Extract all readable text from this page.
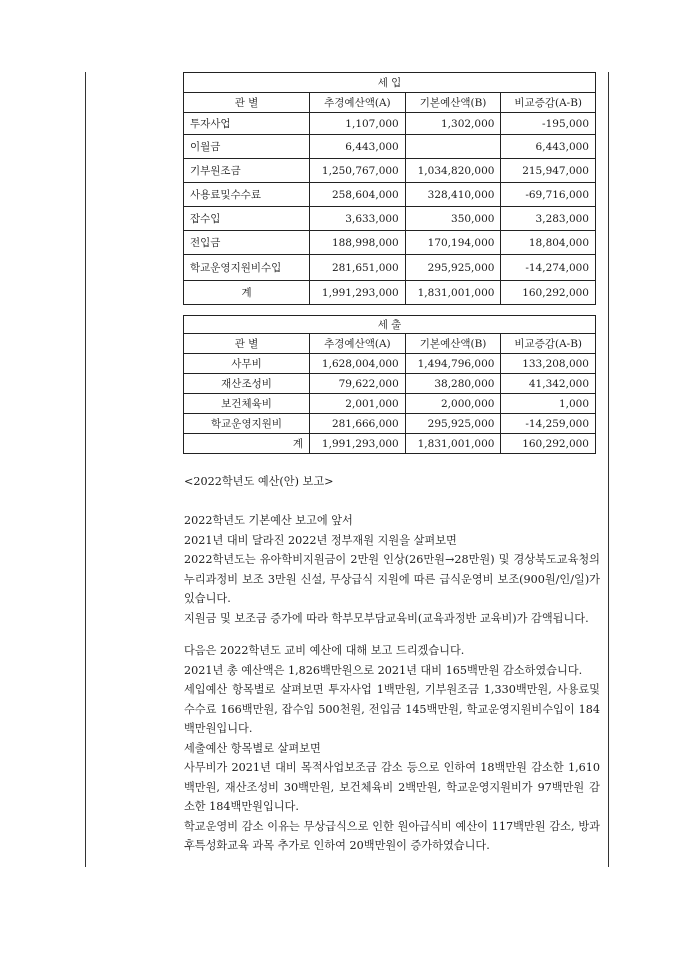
세 입			
관 별	추경예산액(A)	기본예산액(B)	비교증감(A-B)
투자사업	1,107,000	1,302,000	-195,000
이월금	6,443,000		6,443,000
기부원조금	1,250,767,000	1,034,820,000	215,947,000
사용료및수수료	258,604,000	328,410,000	-69,716,000
잡수입	3,633,000	350,000	3,283,000
전입금	188,998,000	170,194,000	18,804,000
학교운영지원비수입	281,651,000	295,925,000	-14,274,000
계	1,991,293,000	1,831,001,000	160,292,000
세 출			
관 별	추경예산액(A)	기본예산액(B)	비교증감(A-B)
사무비	1,628,004,000	1,494,796,000	133,208,000
재산조성비	79,622,000	38,280,000	41,342,000
보건체육비	2,001,000	2,000,000	1,000
학교운영지원비	281,666,000	295,925,000	-14,259,000
계	1,991,293,000	1,831,001,000	160,292,000
<2022학년도 예산(안) 보고>
2022학년도 기본예산 보고에 앞서
2021년 대비 달라진 2022년 정부재원 지원을 살펴보면
2022학년도는 유아학비지원금이 2만원 인상(26만원→28만원) 및 경상북도교육청의 누리과정비 보조 3만원 신설, 무상급식 지원에 따른 급식운영비 보조(900원/인/일)가 있습니다.
지원금 및 보조금 증가에 따라 학부모부담교육비(교육과정반 교육비)가 감액됩니다.
다음은 2022학년도 교비 예산에 대해 보고 드리겠습니다.
2021년 총 예산액은 1,826백만원으로 2021년 대비 165백만원 감소하였습니다.
세입예산 항목별로 살펴보면 투자사업 1백만원, 기부원조금 1,330백만원, 사용료및수수료 166백만원, 잡수입 500천원, 전입금 145백만원, 학교운영지원비수입이 184백만원입니다.
세출예산 항목별로 살펴보면
사무비가 2021년 대비 목적사업보조금 감소 등으로 인하여 18백만원 감소한 1,610백만원, 재산조성비 30백만원, 보건체육비 2백만원, 학교운영지원비가 97백만원 감소한 184백만원입니다.
학교운영비 감소 이유는 무상급식으로 인한 원아급식비 예산이 117백만원 감소, 방과후특성화교육 과목 추가로 인하여 20백만원이 증가하였습니다.
